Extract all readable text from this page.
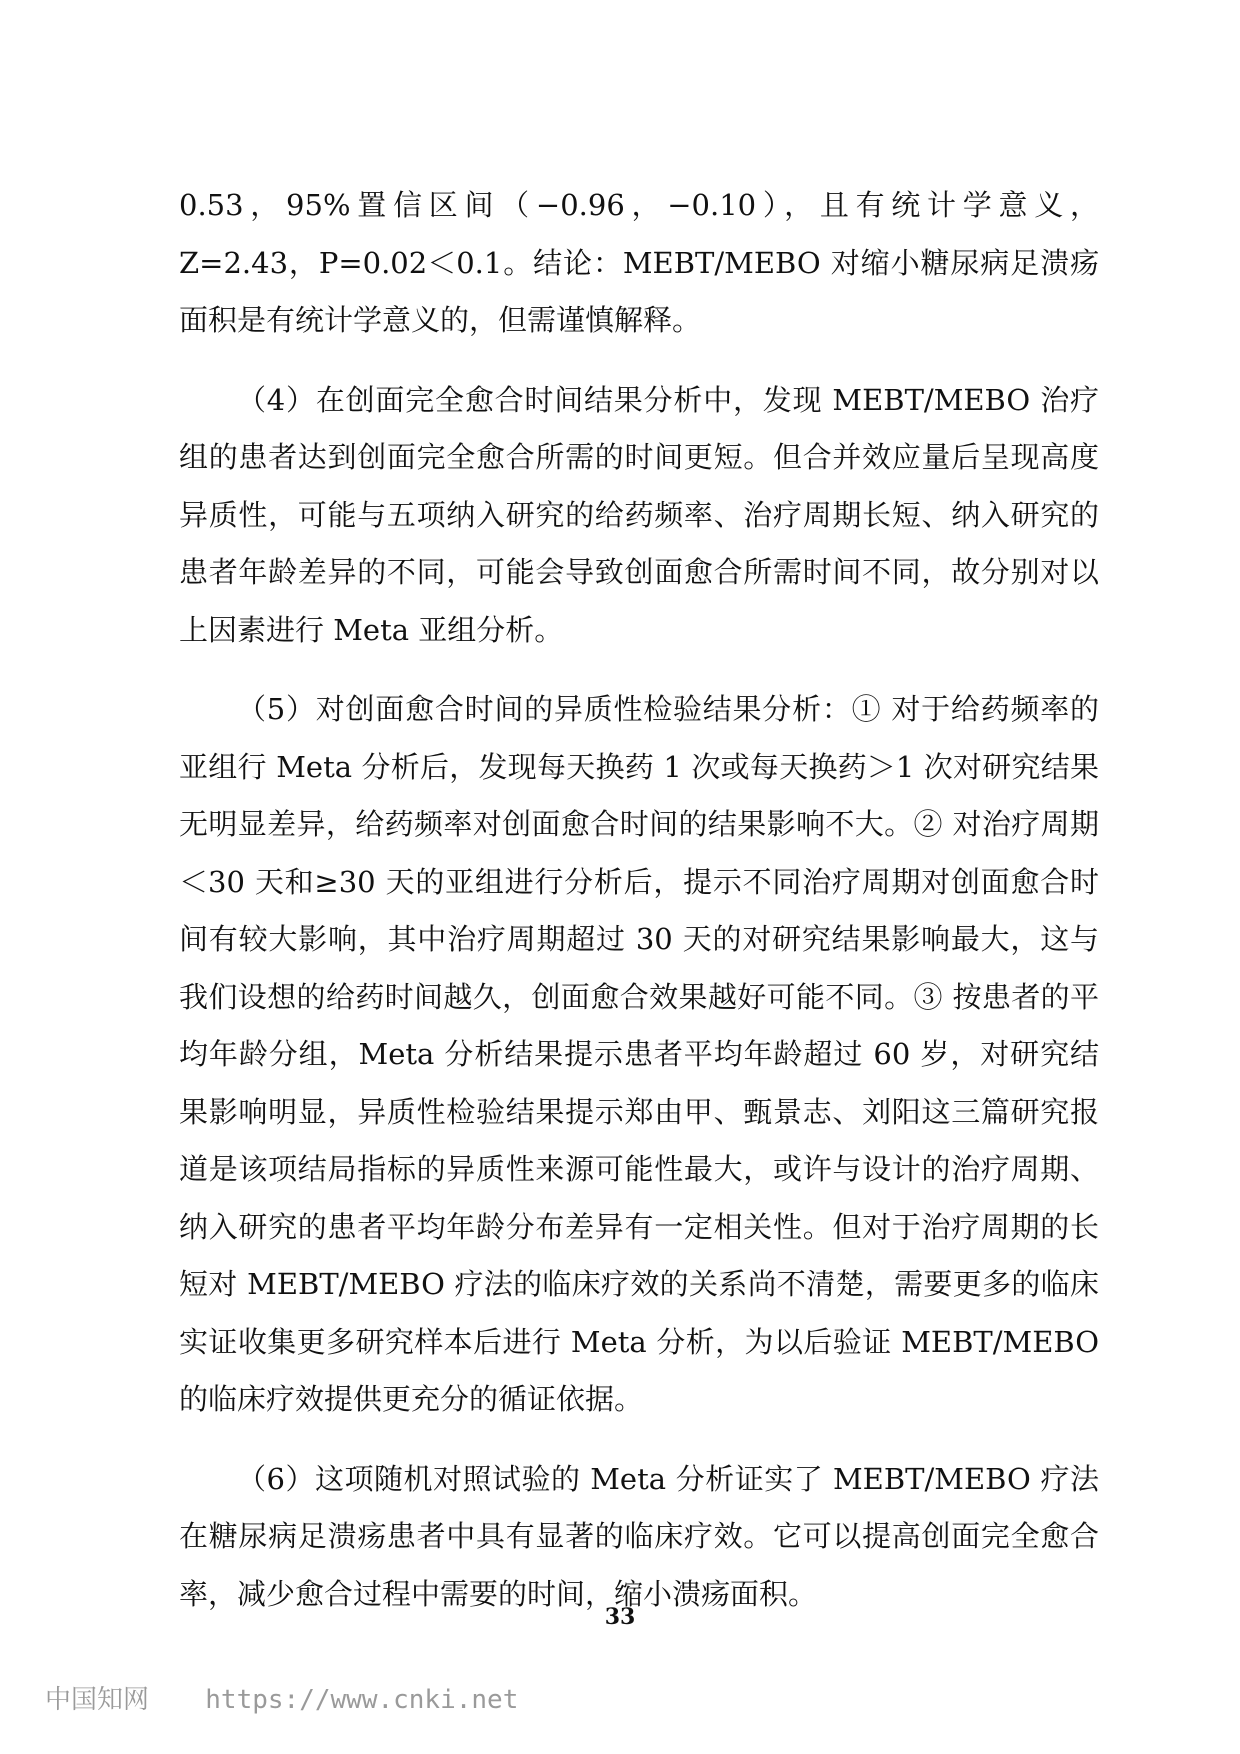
0.53，95%置信区间（−0.96，−0.10），且有统计学意义，Z=2.43，P=0.02＜0.1。结论：MEBT/MEBO 对缩小糖尿病足溃疡面积是有统计学意义的，但需谨慎解释。

（4）在创面完全愈合时间结果分析中，发现 MEBT/MEBO 治疗组的患者达到创面完全愈合所需的时间更短。但合并效应量后呈现高度异质性，可能与五项纳入研究的给药频率、治疗周期长短、纳入研究的患者年龄差异的不同，可能会导致创面愈合所需时间不同，故分别对以上因素进行 Meta 亚组分析。

（5）对创面愈合时间的异质性检验结果分析：① 对于给药频率的亚组行 Meta 分析后，发现每天换药 1 次或每天换药＞1 次对研究结果无明显差异，给药频率对创面愈合时间的结果影响不大。② 对治疗周期＜30 天和≥30 天的亚组进行分析后，提示不同治疗周期对创面愈合时间有较大影响，其中治疗周期超过 30 天的对研究结果影响最大，这与我们设想的给药时间越久，创面愈合效果越好可能不同。③ 按患者的平均年龄分组，Meta 分析结果提示患者平均年龄超过 60 岁，对研究结果影响明显，异质性检验结果提示郑由甲、甄景志、刘阳这三篇研究报道是该项结局指标的异质性来源可能性最大，或许与设计的治疗周期、纳入研究的患者平均年龄分布差异有一定相关性。但对于治疗周期的长短对 MEBT/MEBO 疗法的临床疗效的关系尚不清楚，需要更多的临床实证收集更多研究样本后进行 Meta 分析，为以后验证 MEBT/MEBO 的临床疗效提供更充分的循证依据。

（6）这项随机对照试验的 Meta 分析证实了 MEBT/MEBO 疗法在糖尿病足溃疡患者中具有显著的临床疗效。它可以提高创面完全愈合率，减少愈合过程中需要的时间，缩小溃疡面积。

33
中国知网 https://www.cnki.net
